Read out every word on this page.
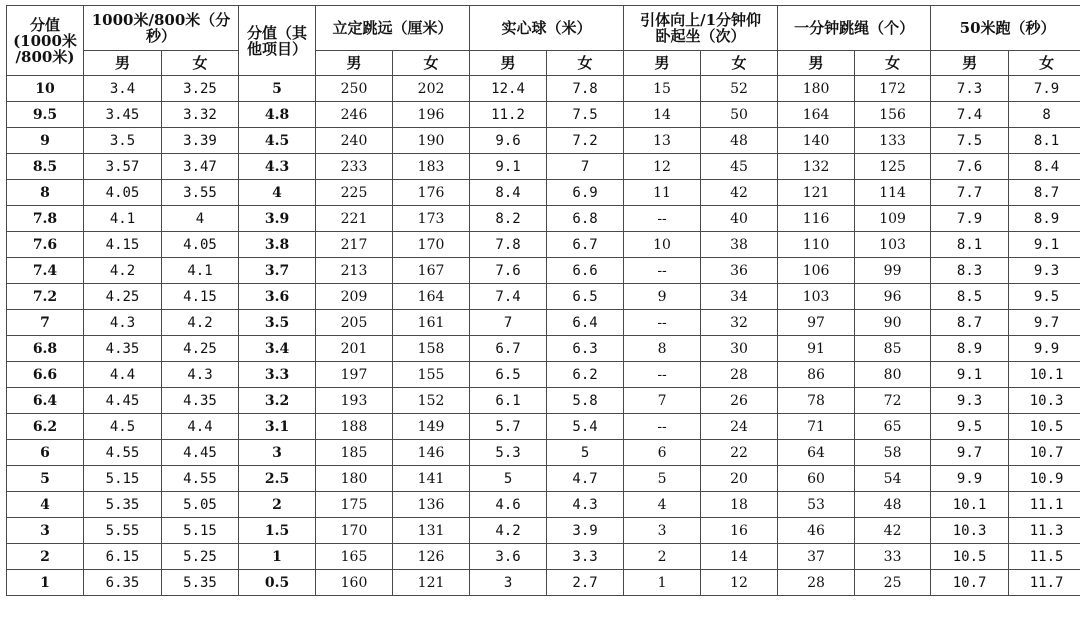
分值
(1000米
/800米)	1000米/800米（分
秒）		分值（其
他项目）	立定跳远（厘米）		实心球（米）		引体向上/1分钟仰
卧起坐（次）		一分钟跳绳（个）		50米跑（秒）	
	男	女		男	女	男	女	男	女	男	女	男	女
10	3.4	3.25	5	250	202	12.4	7.8	15	52	180	172	7.3	7.9
9.5	3.45	3.32	4.8	246	196	11.2	7.5	14	50	164	156	7.4	8
9	3.5	3.39	4.5	240	190	9.6	7.2	13	48	140	133	7.5	8.1
8.5	3.57	3.47	4.3	233	183	9.1	7	12	45	132	125	7.6	8.4
8	4.05	3.55	4	225	176	8.4	6.9	11	42	121	114	7.7	8.7
7.8	4.1	4	3.9	221	173	8.2	6.8	--	40	116	109	7.9	8.9
7.6	4.15	4.05	3.8	217	170	7.8	6.7	10	38	110	103	8.1	9.1
7.4	4.2	4.1	3.7	213	167	7.6	6.6	--	36	106	99	8.3	9.3
7.2	4.25	4.15	3.6	209	164	7.4	6.5	9	34	103	96	8.5	9.5
7	4.3	4.2	3.5	205	161	7	6.4	--	32	97	90	8.7	9.7
6.8	4.35	4.25	3.4	201	158	6.7	6.3	8	30	91	85	8.9	9.9
6.6	4.4	4.3	3.3	197	155	6.5	6.2	--	28	86	80	9.1	10.1
6.4	4.45	4.35	3.2	193	152	6.1	5.8	7	26	78	72	9.3	10.3
6.2	4.5	4.4	3.1	188	149	5.7	5.4	--	24	71	65	9.5	10.5
6	4.55	4.45	3	185	146	5.3	5	6	22	64	58	9.7	10.7
5	5.15	4.55	2.5	180	141	5	4.7	5	20	60	54	9.9	10.9
4	5.35	5.05	2	175	136	4.6	4.3	4	18	53	48	10.1	11.1
3	5.55	5.15	1.5	170	131	4.2	3.9	3	16	46	42	10.3	11.3
2	6.15	5.25	1	165	126	3.6	3.3	2	14	37	33	10.5	11.5
1	6.35	5.35	0.5	160	121	3	2.7	1	12	28	25	10.7	11.7
